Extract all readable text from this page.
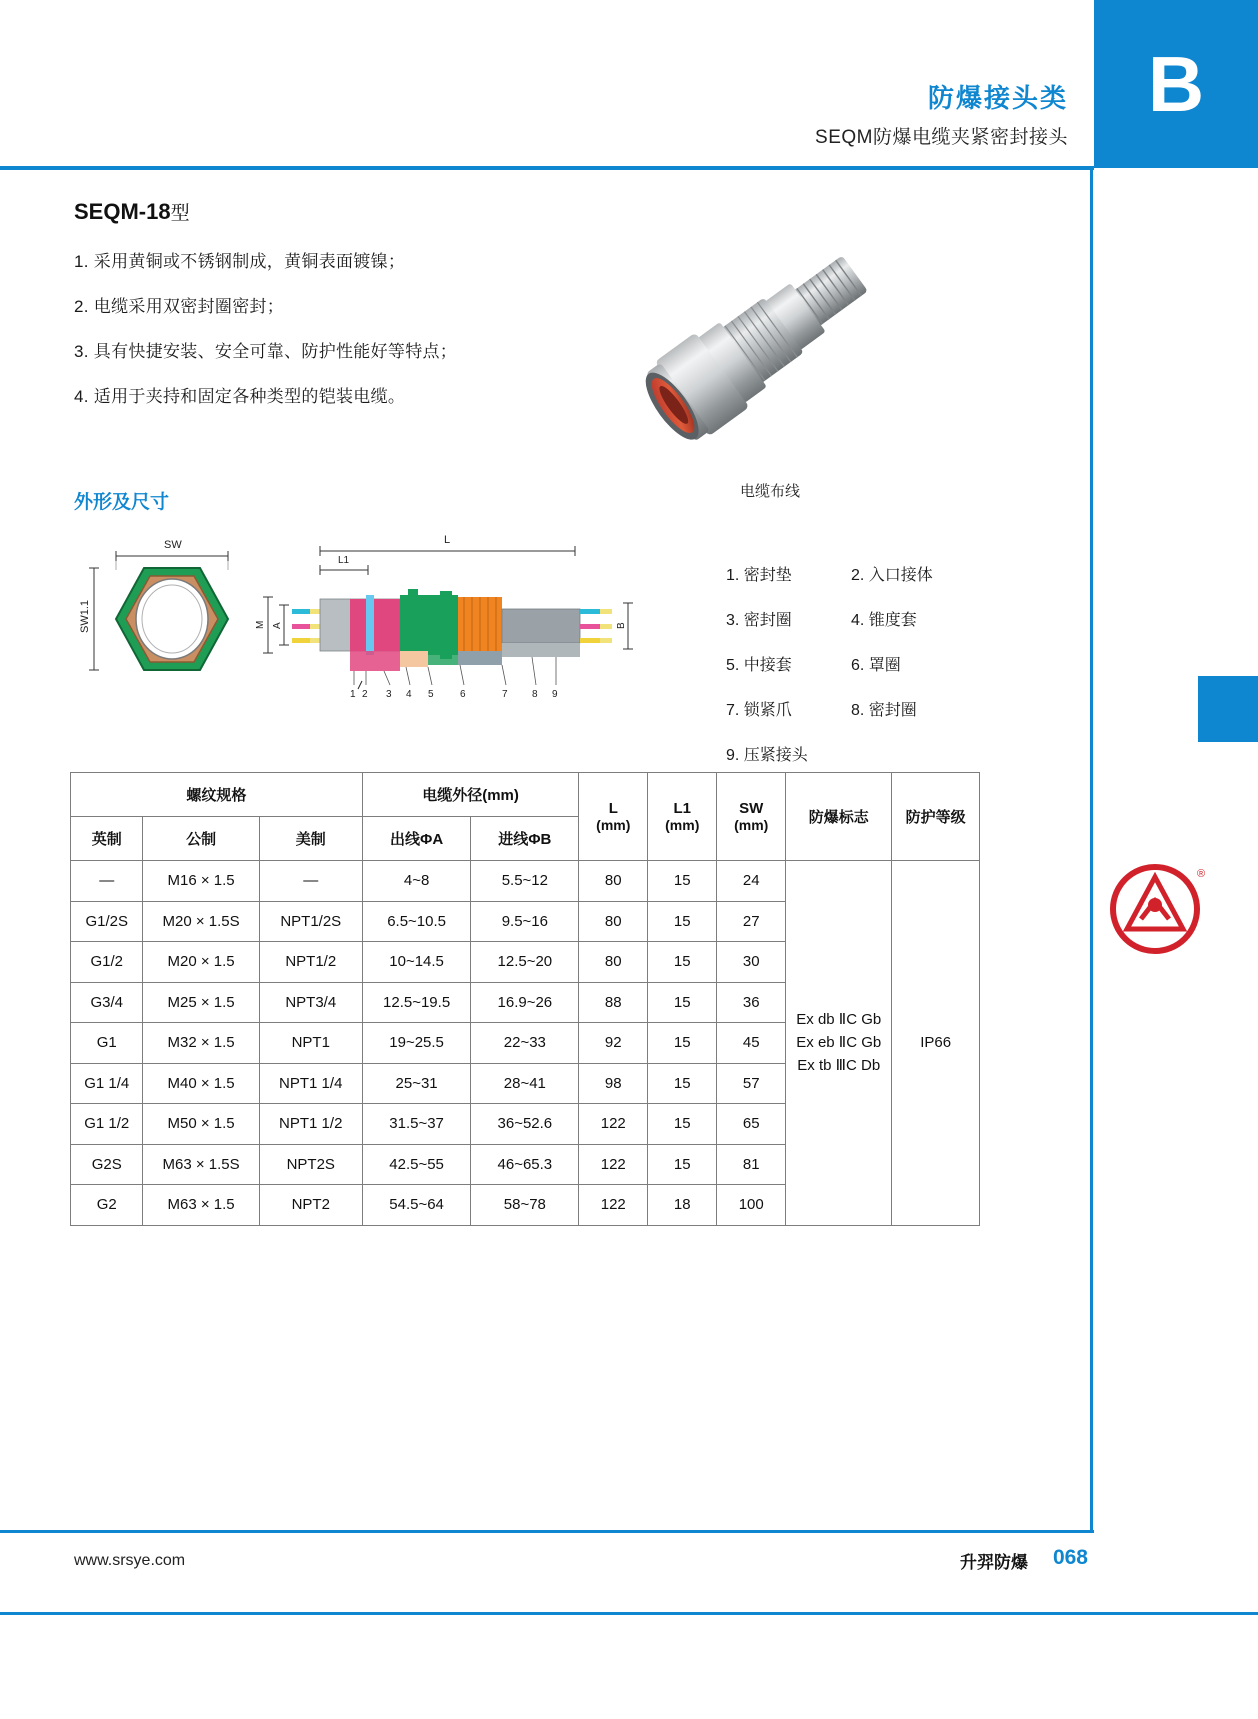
B
防爆接头类
SEQM防爆电缆夹紧密封接头
SEQM-18型
1. 采用黄铜或不锈钢制成，黄铜表面镀镍；
2. 电缆采用双密封圈密封；
3. 具有快捷安装、安全可靠、防护性能好等特点；
4. 适用于夹持和固定各种类型的铠装电缆。
电缆布线
外形及尺寸
SW
SW1.1
L
L1
M A	B
1 2 3 4 5	6	7 8 9
1. 密封垫	2. 入口接体
3. 密封圈	4. 锥度套
5. 中接套	6. 罩圈
7. 锁紧爪	8. 密封圈
9. 压紧接头
螺纹规格	电缆外径(mm)	
L
(mm)

L1
(mm)

SW
(mm)	防爆标志	防护等级
英制	公制	美制	出线ΦA	进线ΦB					
—	M16 × 1.5	—	4~8	5.5~12	80	15	24	Ex db ⅡC Gb
Ex eb ⅡC Gb
Ex tb ⅢC Db	IP66
G1/2S	M20 × 1.5S	NPT1/2S	6.5~10.5	9.5~16	80	15	27		
G1/2	M20 × 1.5	NPT1/2	10~14.5	12.5~20	80	15	30		
G3/4	M25 × 1.5	NPT3/4	12.5~19.5	16.9~26	88	15	36		
G1	M32 × 1.5	NPT1	19~25.5	22~33	92	15	45		
G1 1/4	M40 × 1.5	NPT1 1/4	25~31	28~41	98	15	57		
G1 1/2	M50 × 1.5	NPT1 1/2	31.5~37	36~52.6	122	15	65		
G2S	M63 × 1.5S	NPT2S	42.5~55	46~65.3	122	15	81		
G2	M63 × 1.5	NPT2	54.5~64	58~78	122	18	100		
®
www.srsye.com	升羿防爆 068
